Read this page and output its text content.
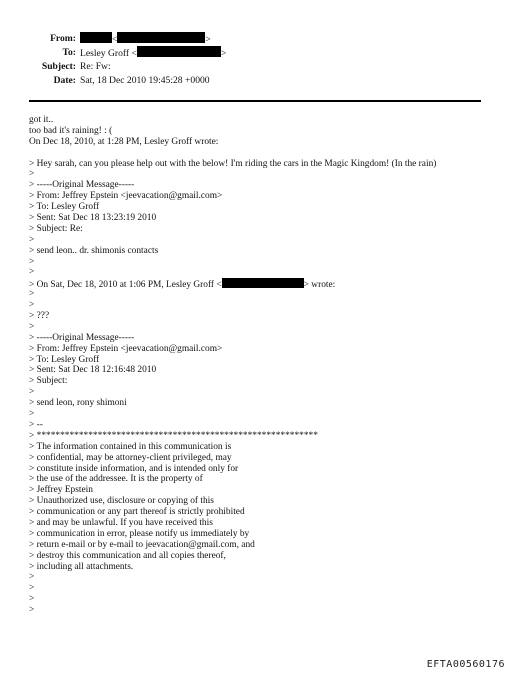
From:	<	>
To: Lesley Groff <	>
Subject: Re: Fw:
Date: Sat, 18 Dec 2010 19:45:28 +0000
got it..
too bad it's raining! : (
On Dec 18, 2010, at 1:28 PM, Lesley Groff wrote:
> Hey sarah, can you please help out with the below! I'm riding the cars in the Magic Kingdom! (In the rain)
>
> -----Original Message-----
> From: Jeffrey Epstein <jeevacation@gmail.com>
> To: Lesley Groff
> Sent: Sat Dec 18 13:23:19 2010
> Subject: Re:
>
> send leon.. dr. shimonis contacts
>
>
> On Sat, Dec 18, 2010 at 1:06 PM, Lesley Groff <	> wrote:
>
>
> ???
>
> -----Original Message-----
> From: Jeffrey Epstein <jeevacation@gmail.com>
> To: Lesley Groff
> Sent: Sat Dec 18 12:16:48 2010
> Subject:
>
> send leon, rony shimoni
>
> --
> ************************************************************
> The information contained in this communication is
> confidential, may be attorney-client privileged, may
> constitute inside information, and is intended only for
> the use of the addressee. It is the property of
> Jeffrey Epstein
> Unauthorized use, disclosure or copying of this
> communication or any part thereof is strictly prohibited
> and may be unlawful. If you have received this
> communication in error, please notify us immediately by
> return e-mail or by e-mail to jeevacation@gmail.com, and
> destroy this communication and all copies thereof,
> including all attachments.
>
>
>
>
EFTA00560176
